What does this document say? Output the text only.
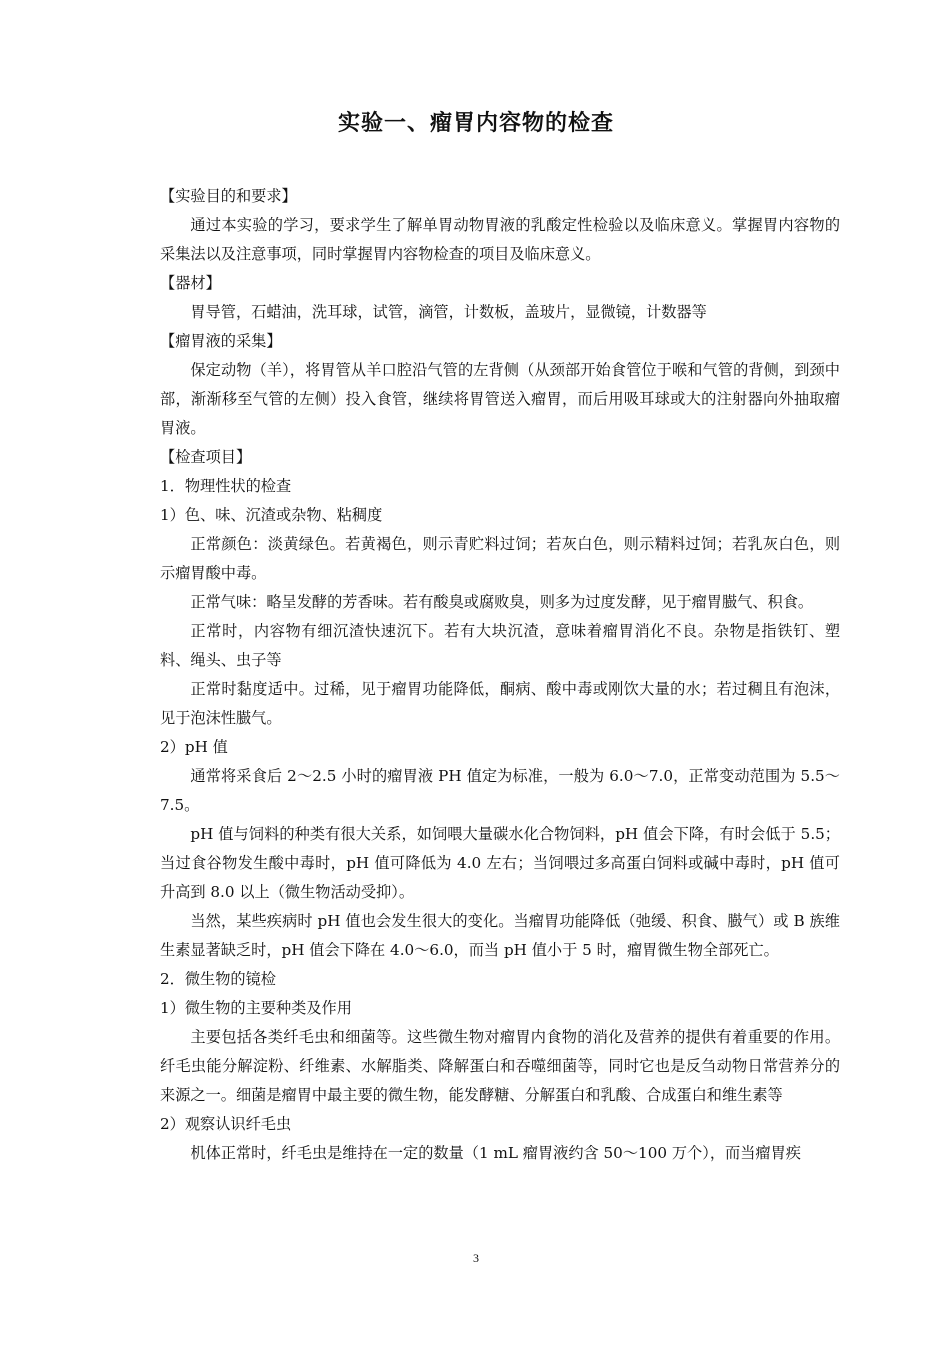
实验一、瘤胃内容物的检查

【实验目的和要求】

通过本实验的学习，要求学生了解单胃动物胃液的乳酸定性检验以及临床意义。掌握胃内容物的采集法以及注意事项，同时掌握胃内容物检查的项目及临床意义。

【器材】

胃导管，石蜡油，洗耳球，试管，滴管，计数板，盖玻片，显微镜，计数器等

【瘤胃液的采集】

保定动物（羊），将胃管从羊口腔沿气管的左背侧（从颈部开始食管位于喉和气管的背侧，到颈中部，渐渐移至气管的左侧）投入食管，继续将胃管送入瘤胃，而后用吸耳球或大的注射器向外抽取瘤胃液。

【检查项目】

1．物理性状的检查

1）色、味、沉渣或杂物、粘稠度

正常颜色：淡黄绿色。若黄褐色，则示青贮料过饲；若灰白色，则示精料过饲；若乳灰白色，则示瘤胃酸中毒。

正常气味：略呈发酵的芳香味。若有酸臭或腐败臭，则多为过度发酵，见于瘤胃臌气、积食。

正常时，内容物有细沉渣快速沉下。若有大块沉渣，意味着瘤胃消化不良。杂物是指铁钉、塑料、绳头、虫子等

正常时黏度适中。过稀，见于瘤胃功能降低，酮病、酸中毒或刚饮大量的水；若过稠且有泡沫，见于泡沫性臌气。

2）pH 值

通常将采食后 2～2.5 小时的瘤胃液 PH 值定为标准，一般为 6.0～7.0，正常变动范围为 5.5～7.5。

pH 值与饲料的种类有很大关系，如饲喂大量碳水化合物饲料，pH 值会下降，有时会低于 5.5；当过食谷物发生酸中毒时，pH 值可降低为 4.0 左右；当饲喂过多高蛋白饲料或碱中毒时，pH 值可升高到 8.0 以上（微生物活动受抑）。

当然，某些疾病时 pH 值也会发生很大的变化。当瘤胃功能降低（弛缓、积食、臌气）或 B 族维生素显著缺乏时，pH 值会下降在 4.0～6.0，而当 pH 值小于 5 时，瘤胃微生物全部死亡。

2．微生物的镜检

1）微生物的主要种类及作用

主要包括各类纤毛虫和细菌等。这些微生物对瘤胃内食物的消化及营养的提供有着重要的作用。纤毛虫能分解淀粉、纤维素、水解脂类、降解蛋白和吞噬细菌等，同时它也是反刍动物日常营养分的来源之一。细菌是瘤胃中最主要的微生物，能发酵糖、分解蛋白和乳酸、合成蛋白和维生素等

2）观察认识纤毛虫

机体正常时，纤毛虫是维持在一定的数量（1 mL 瘤胃液约含 50～100 万个），而当瘤胃疾

3
